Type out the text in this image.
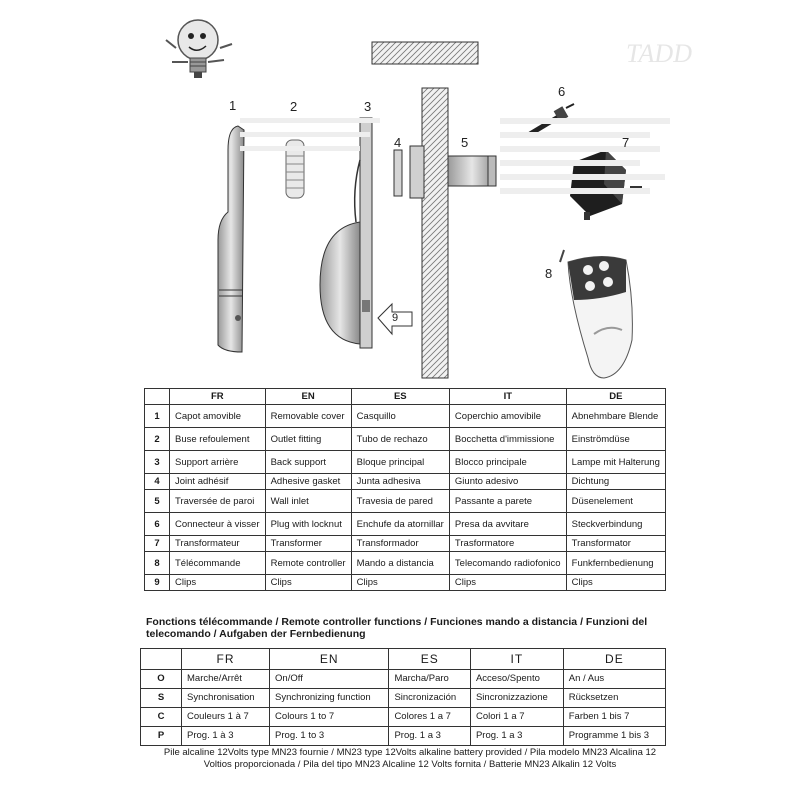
TADD
1	2	3
4	5
6
7
8
9
	FR	EN	ES	IT	DE
1	Capot amovible	Removable cover	Casquillo	Coperchio amovibile	Abnehmbare Blende
2	Buse refoulement	Outlet fitting	Tubo de rechazo	Bocchetta d'immissione	Einströmdüse
3	Support arrière	Back support	Bloque principal	Blocco principale	Lampe mit Halterung
4	Joint adhésif	Adhesive gasket	Junta adhesiva	Giunto adesivo	Dichtung
5	Traversée de paroi	Wall inlet	Travesia de pared	Passante a parete	Düsenelement
6	Connecteur à visser	Plug with locknut	Enchufe da atornillar	Presa da avvitare	Steckverbindung
7	Transformateur	Transformer	Transformador	Trasformatore	Transformator
8	Télécommande	Remote controller	Mando a distancia	Telecomando radiofonico	Funkfernbedienung
9	Clips	Clips	Clips	Clips	Clips
Fonctions télécommande / Remote controller functions / Funciones mando a distancia / Funzioni del telecomando / Aufgaben der Fernbedienung
	FR	EN	ES	IT	DE
O	Marche/Arrêt	On/Off	Marcha/Paro	Acceso/Spento	An / Aus
S	Synchronisation	Synchronizing function	Sincronización	Sincronizzazione	Rücksetzen
C	Couleurs 1 à 7	Colours 1 to 7	Colores 1 a 7	Colori 1 a 7	Farben 1 bis 7
P	Prog. 1 à 3	Prog. 1 to 3	Prog. 1 a 3	Prog. 1 a 3	Programme 1 bis 3
Pile alcaline 12Volts type MN23 fournie / MN23 type 12Volts alkaline battery provided / Pila modelo MN23 Alcalina 12 Voltios proporcionada / Pila del tipo MN23 Alcaline 12 Volts fornita / Batterie MN23 Alkalin 12 Volts
